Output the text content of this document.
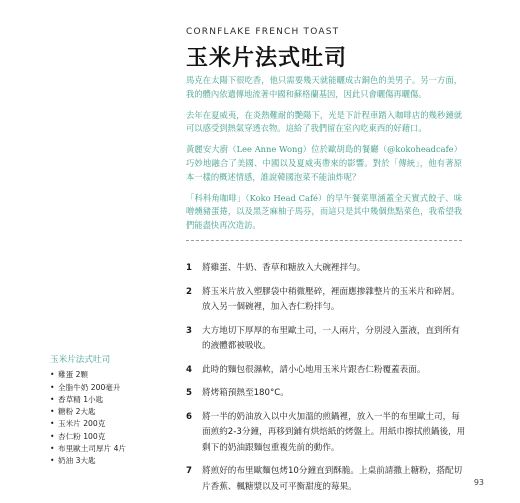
CORNFLAKE FRENCH TOAST
玉米片法式吐司

馬克在太陽下很吃香，他只需要幾天就能曬成古銅色的美男子。另一方面，我的體內依遺傳地流著中國和蘇格蘭基因，因此只會曬傷再曬傷。

去年在夏威夷，在炎熱難耐的艷陽下，光是下計程車踏入咖啡店的幾秒鐘就可以感受到熱氣穿透衣物。這給了我們留在室內吃東西的好藉口。

黃麗安大廚（Lee Anne Wong）位於歐胡島的餐廳（@kokoheadcafe）巧妙地融合了美國、中國以及夏威夷帶來的影響。對於「傳統」，他有著原本一樣的概述情感，誰說韓國泡菜不能油炸呢？

「科科角咖啡」（Koko Head Café）的早午餐菜單涵蓋全天實式餃子、味噌燻豬蛋捲，以及黑芝麻柚子馬芬，而這只是其中幾個焦點菜色，我希望我們能盡快再次造訪。

1 將雞蛋、牛奶、香草和糖放入大碗裡拌勻。
2 將玉米片放入塑膠袋中稍微壓碎，裡面應掺雜整片的玉米片和碎屑。放入另一個碗裡，加入杏仁粉拌勻。
3 大方地切下厚厚的布里歐土司，一人兩片，分別浸入蛋液，直到所有的液體都被吸收。
4 此時的麵包很濕軟，請小心地用玉米片跟杏仁粉覆蓋表面。
5 將烤箱預熱至180°C。
6 將一半的奶油放入以中火加溫的煎鍋裡，放入一半的布里歐土司，每面煎約2-3分鐘，再移到鋪有烘焙紙的烤盤上。用紙巾擦拭煎鍋後，用剩下的奶油跟麵包重複先前的動作。
7 將煎好的布里歐麵包烤10分鐘直到酥脆。上桌前請撒上糖粉，搭配切片香蕉、楓糖漿以及可平衡甜度的莓果。
玉米片法式吐司
• 雞蛋 2顆
• 全脂牛奶 200毫升
• 香草精 1小匙
• 糖粉 2大匙
• 玉米片 200克
• 杏仁粉 100克
• 布里歐土司厚片 4片
• 奶油 3大匙
93
